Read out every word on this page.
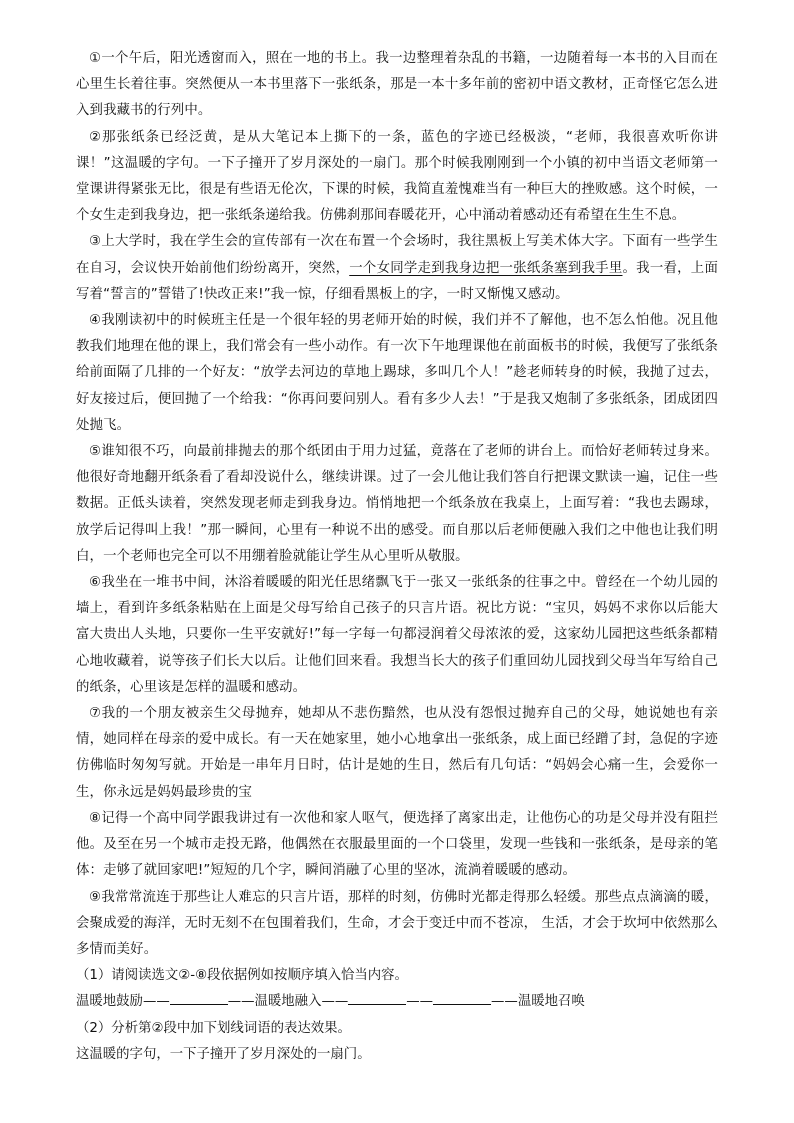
①一个午后，阳光透窗而入，照在一地的书上。我一边整理着杂乱的书籍，一边随着每一本书的入目而在心里生长着往事。突然便从一本书里落下一张纸条，那是一本十多年前的密初中语文教材，正奇怪它怎么进入到我藏书的行列中。

②那张纸条已经泛黄，是从大笔记本上撕下的一条，蓝色的字迹已经极淡，“老师，我很喜欢听你讲课！”这温暖的字句。一下子撞开了岁月深处的一扇门。那个时候我刚刚到一个小镇的初中当语文老师第一堂课讲得紧张无比，很是有些语无伦次，下课的时候，我简直羞愧难当有一种巨大的挫败感。这个时候，一个女生走到我身边，把一张纸条递给我。仿佛刹那间春暖花开，心中涌动着感动还有希望在生生不息。

③上大学时，我在学生会的宣传部有一次在布置一个会场时，我往黑板上写美术体大字。下面有一些学生在自习，会议快开始前他们纷纷离开，突然，一个女同学走到我身边把一张纸条塞到我手里。我一看，上面写着“誓言的”誓错了!快改正来!”我一惊，仔细看黑板上的字，一时又惭愧又感动。

④我刚读初中的时候班主任是一个很年轻的男老师开始的时候，我们并不了解他，也不怎么怕他。况且他教我们地理在他的课上，我们常会有一些小动作。有一次下午地理课他在前面板书的时候，我便写了张纸条给前面隔了几排的一个好友：“放学去河边的草地上踢球，多叫几个人！”趁老师转身的时候，我抛了过去，好友接过后，便回抛了一个给我：“你再问要问别人。看有多少人去！”于是我又炮制了多张纸条，团成团四处抛飞。

⑤谁知很不巧，向最前排抛去的那个纸团由于用力过猛，竟落在了老师的讲台上。而恰好老师转过身来。他很好奇地翻开纸条看了看却没说什么，继续讲课。过了一会儿他让我们答自行把课文默读一遍，记住一些数据。正低头读着，突然发现老师走到我身边。悄悄地把一个纸条放在我桌上，上面写着：“我也去踢球，放学后记得叫上我！”那一瞬间，心里有一种说不出的感受。而自那以后老师便融入我们之中他也让我们明白，一个老师也完全可以不用绷着脸就能让学生从心里听从敬服。

⑥我坐在一堆书中间，沐浴着暖暖的阳光任思绪飘飞于一张又一张纸条的往事之中。曾经在一个幼儿园的墙上，看到许多纸条粘贴在上面是父母写给自己孩子的只言片语。祝比方说：“宝贝，妈妈不求你以后能大富大贵出人头地，只要你一生平安就好!”每一字每一句都浸润着父母浓浓的爱，这家幼儿园把这些纸条都精心地收藏着，说等孩子们长大以后。让他们回来看。我想当长大的孩子们重回幼儿园找到父母当年写给自己的纸条，心里该是怎样的温暖和感动。

⑦我的一个朋友被亲生父母抛弃，她却从不悲伤黯然，也从没有怨恨过抛弃自己的父母，她说她也有亲情，她同样在母亲的爱中成长。有一天在她家里，她小心地拿出一张纸条，成上面已经蹭了封，急促的字迹仿佛临时匆匆写就。开始是一串年月日时，估计是她的生日，然后有几句话：“妈妈会心痛一生，会爱你一生，你永远是妈妈最珍贵的宝

⑧记得一个高中同学跟我讲过有一次他和家人呕气，便选择了离家出走，让他伤心的功是父母并没有阻拦他。及至在另一个城市走投无路，他偶然在衣服最里面的一个口袋里，发现一些钱和一张纸条，是母亲的笔体：走够了就回家吧!”短短的几个字，瞬间消融了心里的坚冰，流淌着暖暖的感动。

⑨我常常流连于那些让人难忘的只言片语，那样的时刻，仿佛时光都走得那么轻缓。那些点点滴滴的暖，会聚成爱的海洋，无时无刻不在包围着我们，生命，才会于变迁中而不苍凉， 生活，才会于坎坷中依然那么多情而美好。

（1）请阅读选文②-⑧段依据例如按顺序填入恰当内容。

温暖地鼓励——	——温暖地融入——	——	——温暖地召唤

（2）分析第②段中加下划线词语的表达效果。

这温暖的字句，一下子撞开了岁月深处的一扇门。
